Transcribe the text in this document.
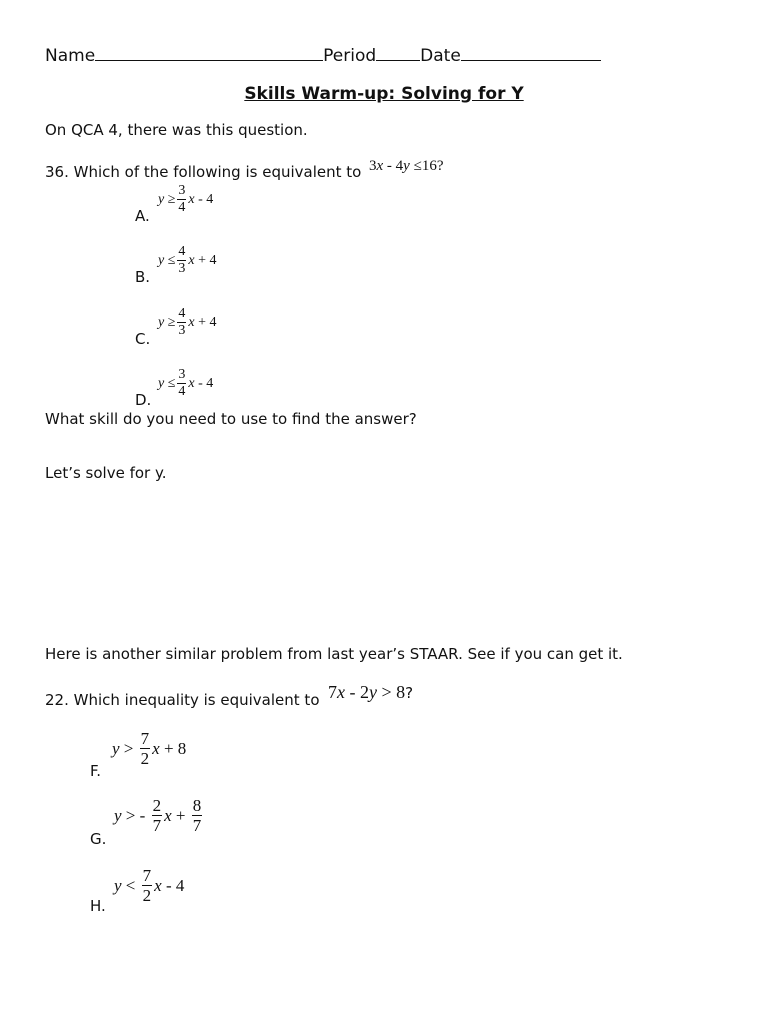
Name	Period	Date
Skills Warm-up: Solving for Y
On QCA 4, there was this question.
36. Which of the following is equivalent to 3x - 4y ≤16?
A.
y
≥ $\frac{3}{4}$ x
-
4
B.
y
≤ $\frac{4}{3}$ x
+
4
C.
y
≥ $\frac{4}{3}$ x
+
4
D.
y
≤ $\frac{3}{4}$ x
-
4
What skill do you need to use to find the answer?
Let’s solve for y.
Here is another similar problem from last year’s STAAR. See if you can get it.
22. Which inequality is equivalent to 7x - 2y > 8?
F.
y
>
$\frac{7}{2}$ x
+
8
G.
y
>
-
$\frac{2}{7}$ x
+
$\frac{8}{7}$
H.
y
<
$\frac{7}{2}$ x
-
4
